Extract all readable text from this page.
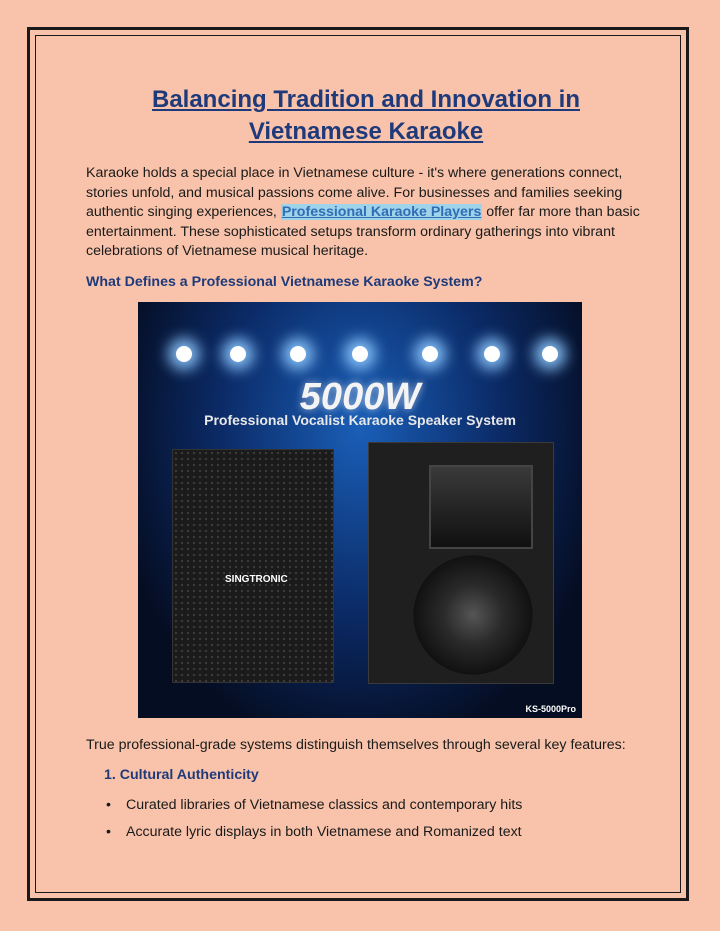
Balancing Tradition and Innovation in Vietnamese Karaoke

Karaoke holds a special place in Vietnamese culture - it's where generations connect, stories unfold, and musical passions come alive. For businesses and families seeking authentic singing experiences, Professional Karaoke Players offer far more than basic entertainment. These sophisticated setups transform ordinary gatherings into vibrant celebrations of Vietnamese musical heritage.

What Defines a Professional Vietnamese Karaoke System?

5000W
Professional Vocalist Karaoke Speaker System
SINGTRONIC
KS-5000Pro

True professional-grade systems distinguish themselves through several key features:

1. Cultural Authenticity
• Curated libraries of Vietnamese classics and contemporary hits
• Accurate lyric displays in both Vietnamese and Romanized text
